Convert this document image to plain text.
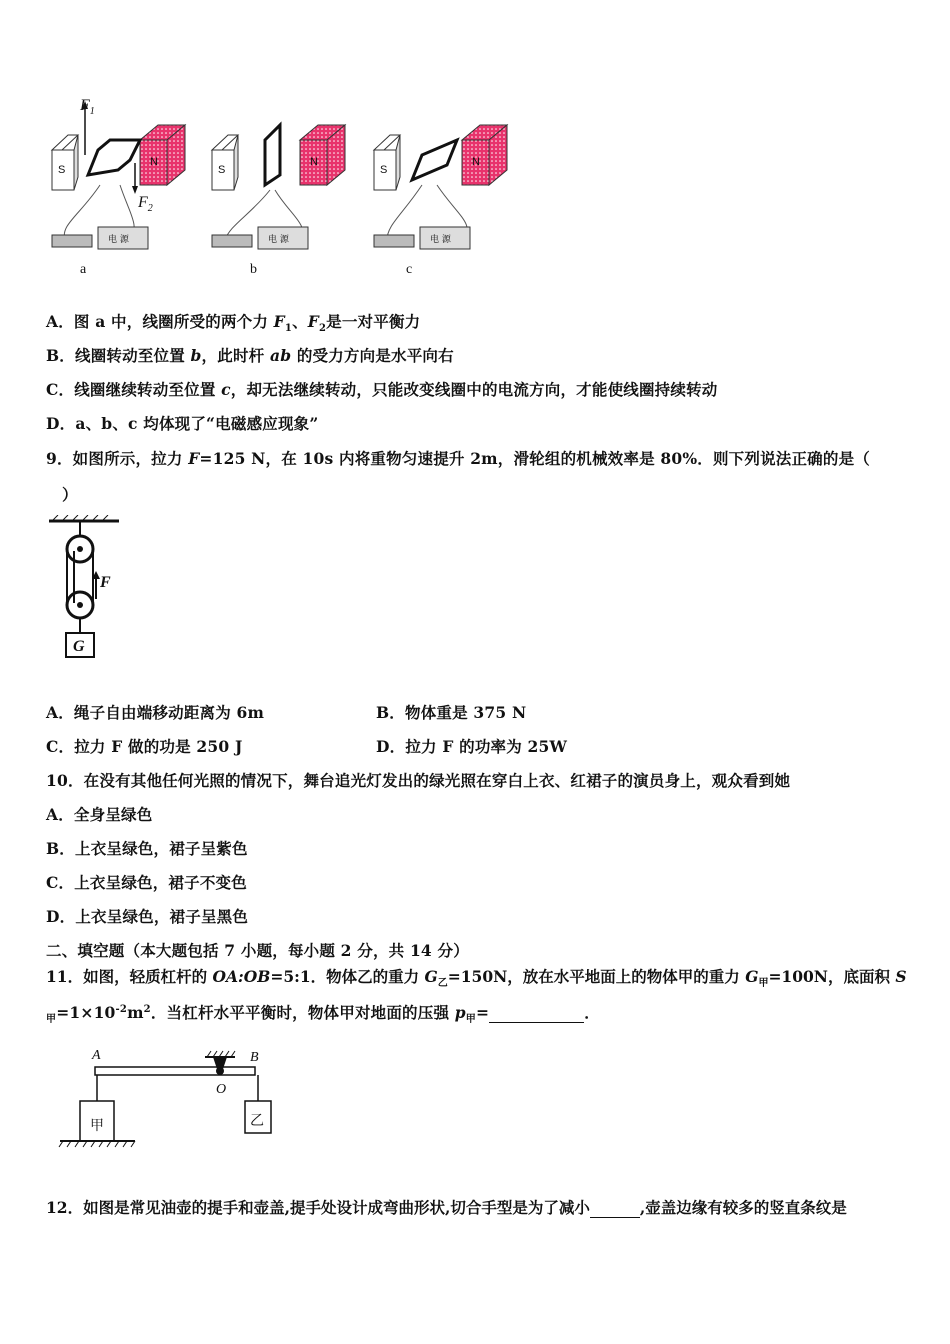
$F_1$
$F_2$
S
N
电 源
S
N
电 源
S
N
电 源
a	b	c
A．图 a 中，线圈所受的两个力 $F_1$、$F_2$是一对平衡力
B．线圈转动至位置 b，此时杆 ab 的受力方向是水平向右
C．线圈继续转动至位置 c，却无法继续转动，只能改变线圈中的电流方向，才能使线圈持续转动
D．a、b、c 均体现了“电磁感应现象”
9．如图所示，拉力 F=125 N，在 10s 内将重物匀速提升 2m，滑轮组的机械效率是 80%．则下列说法正确的是（
）
F
G
A．绳子自由端移动距离为 6m	B．物体重是 375 N
C．拉力 F 做的功是 250 J	D．拉力 F 的功率为 25W
10．在没有其他任何光照的情况下，舞台追光灯发出的绿光照在穿白上衣、红裙子的演员身上，观众看到她
A．全身呈绿色
B．上衣呈绿色，裙子呈紫色
C．上衣呈绿色，裙子不变色
D．上衣呈绿色，裙子呈黑色
二、填空题（本大题包括 7 小题，每小题 2 分，共 14 分）
11．如图，轻质杠杆的 OA:OB=5:1．物体乙的重力 $G_乙=150N$，放在水平地面上的物体甲的重力 $G_甲=100N$，底面积 S
$_甲=1\times 10^{-2}m^2$．当杠杆水平平衡时，物体甲对地面的压强 $p_甲=$	．
A	B
O
甲	乙
12．如图是常见油壶的提手和壶盖,提手处设计成弯曲形状,切合手型是为了减小	,壶盖边缘有较多的竖直条纹是
